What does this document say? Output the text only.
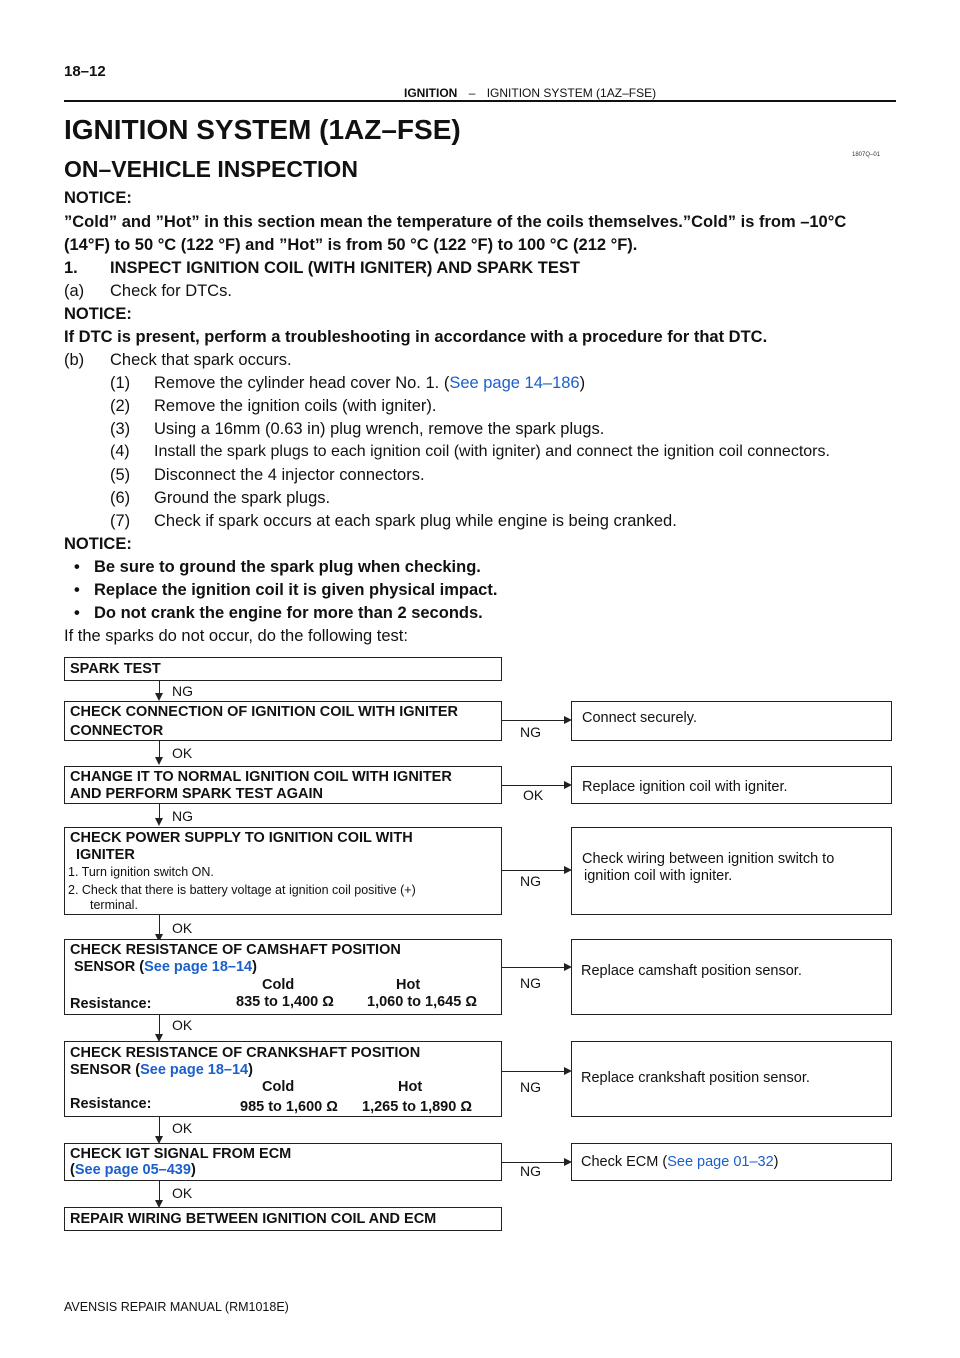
18–12
IGNITION – IGNITION SYSTEM (1AZ–FSE)
IGNITION SYSTEM (1AZ–FSE)
ON–VEHICLE INSPECTION
1807Q–01
NOTICE:
”Cold” and ”Hot” in this section mean the temperature of the coils themselves.”Cold” is from –10°C
(14°F) to 50 °C (122 °F) and ”Hot” is from 50 °C (122 °F) to 100 °C (212 °F).
1. INSPECT IGNITION COIL (WITH IGNITER) AND SPARK TEST
(a) Check for DTCs.
NOTICE:
If DTC is present, perform a troubleshooting in accordance with a procedure for that DTC.
(b) Check that spark occurs.
(1) Remove the cylinder head cover No. 1. (See page 14–186)
(2) Remove the ignition coils (with igniter).
(3) Using a 16mm (0.63 in) plug wrench, remove the spark plugs.
(4) Install the spark plugs to each ignition coil (with igniter) and connect the ignition coil connectors.
(5) Disconnect the 4 injector connectors.
(6) Ground the spark plugs.
(7) Check if spark occurs at each spark plug while engine is being cranked.
NOTICE:
• Be sure to ground the spark plug when checking.
• Replace the ignition coil it is given physical impact.
• Do not crank the engine for more than 2 seconds.
If the sparks do not occur, do the following test:
SPARK TEST
NG
CHECK CONNECTION OF IGNITION COIL WITH IGNITER
CONNECTOR	NG
Connect securely.
OK
CHANGE IT TO NORMAL IGNITION COIL WITH IGNITER
AND PERFORM SPARK TEST AGAIN	OK	Replace ignition coil with igniter.
NG
CHECK POWER SUPPLY TO IGNITION COIL WITH
IGNITER
1. Turn ignition switch ON.
2. Check that there is battery voltage at ignition coil positive (+)
terminal.
NG
Check wiring between ignition switch to
ignition coil with igniter.
OK
CHECK RESISTANCE OF CAMSHAFT POSITION
SENSOR (See page 18–14)
Cold	Hot
Resistance:	835 to 1,400 Ω 1,060 to 1,645 Ω
NG
Replace camshaft position sensor.
OK
CHECK RESISTANCE OF CRANKSHAFT POSITION
SENSOR (See page 18–14)
Cold	Hot
Resistance:	985 to 1,600 Ω 1,265 to 1,890 Ω
NG
Replace crankshaft position sensor.
OK
CHECK IGT SIGNAL FROM ECM
(See page 05–439)	NG
Check ECM (See page 01–32)
OK
REPAIR WIRING BETWEEN IGNITION COIL AND ECM
AVENSIS REPAIR MANUAL (RM1018E)
